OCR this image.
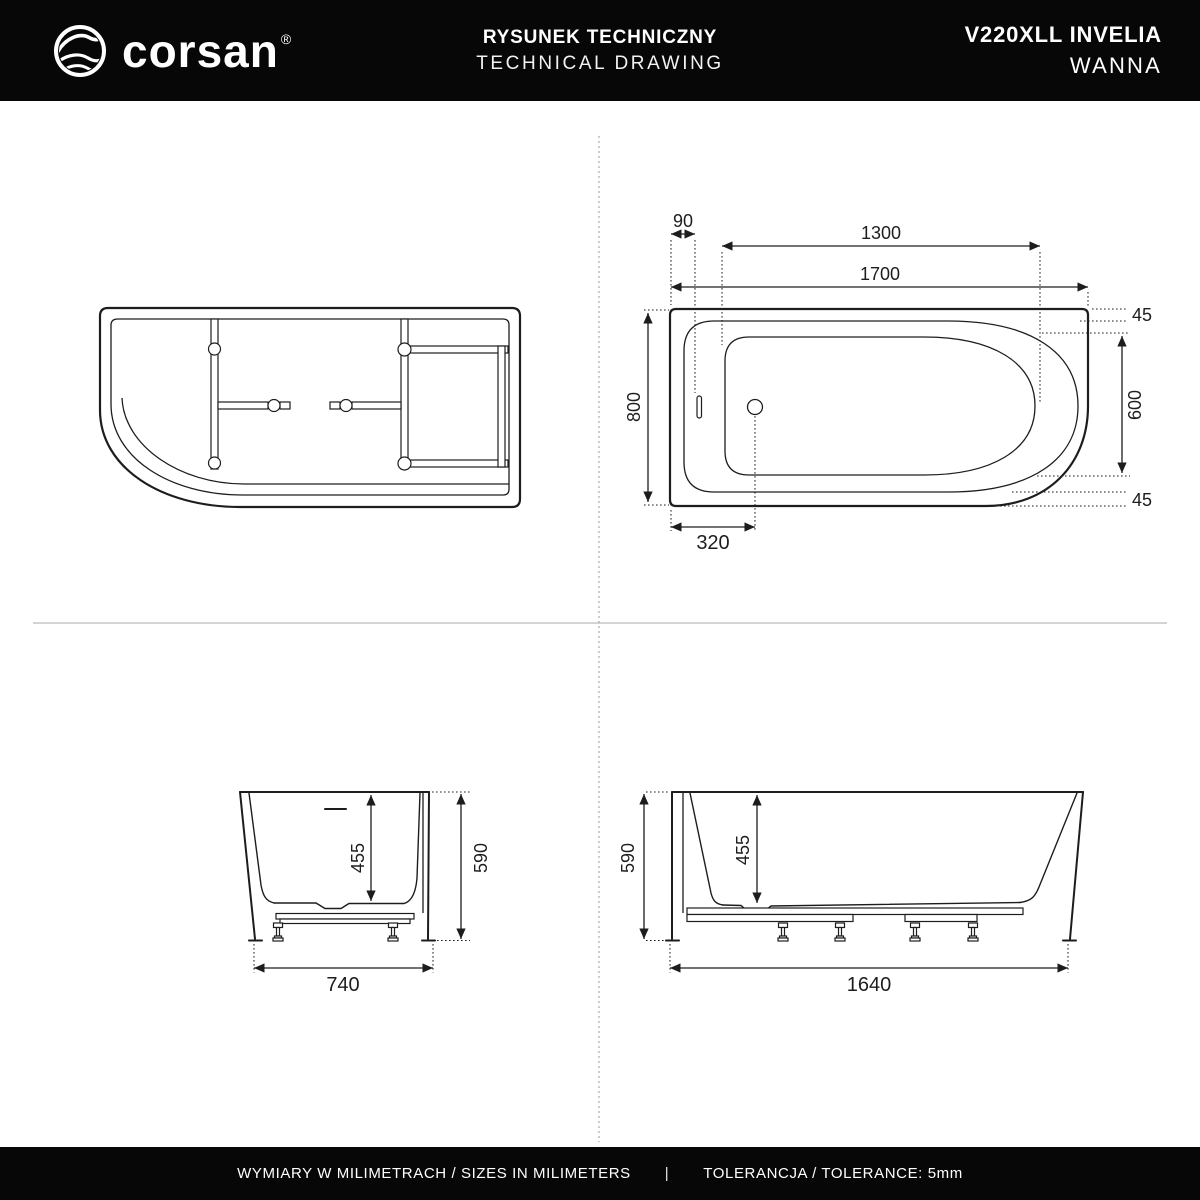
corsan ®	RYSUNEK TECHNICZNY
TECHNICAL DRAWING
V220XLL INVELIA
WANNA
90
1300
1700
800
45
600
45
320
455	590
740
590	455
1640
WYMIARY W MILIMETRACH / SIZES IN MILIMETERS | TOLERANCJA / TOLERANCE: 5mm
